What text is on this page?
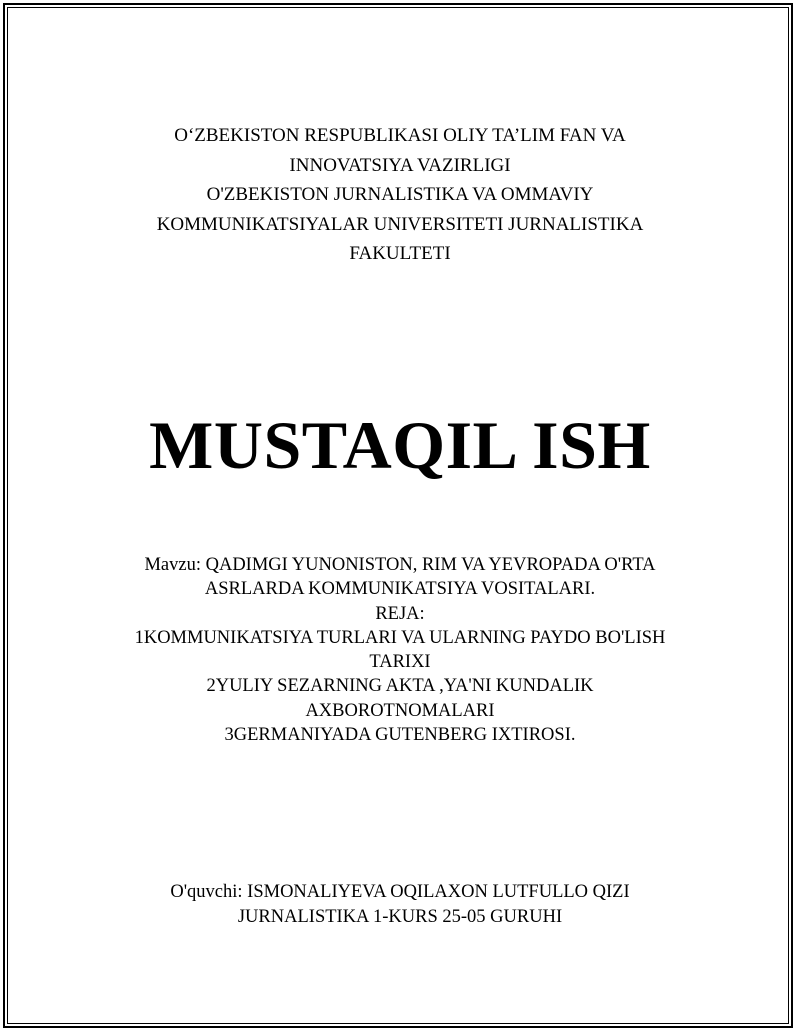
O‘ZBEKISTON RESPUBLIKASI OLIY TA’LIM FAN VA
INNOVATSIYA VAZIRLIGI
O'ZBEKISTON JURNALISTIKA VA OMMAVIY
KOMMUNIKATSIYALAR UNIVERSITETI JURNALISTIKA
FAKULTETI
MUSTAQIL ISH
Mavzu: QADIMGI YUNONISTON, RIM VA YEVROPADA O'RTA
ASRLARDA KOMMUNIKATSIYA VOSITALARI.
REJA:
1KOMMUNIKATSIYA TURLARI VA ULARNING PAYDO BO'LISH
TARIXI
2YULIY SEZARNING AKTA ,YA'NI KUNDALIK
AXBOROTNOMALARI
3GERMANIYADA GUTENBERG IXTIROSI.
O'quvchi: ISMONALIYEVA OQILAXON LUTFULLO QIZI
JURNALISTIKA 1-KURS 25-05 GURUHI
